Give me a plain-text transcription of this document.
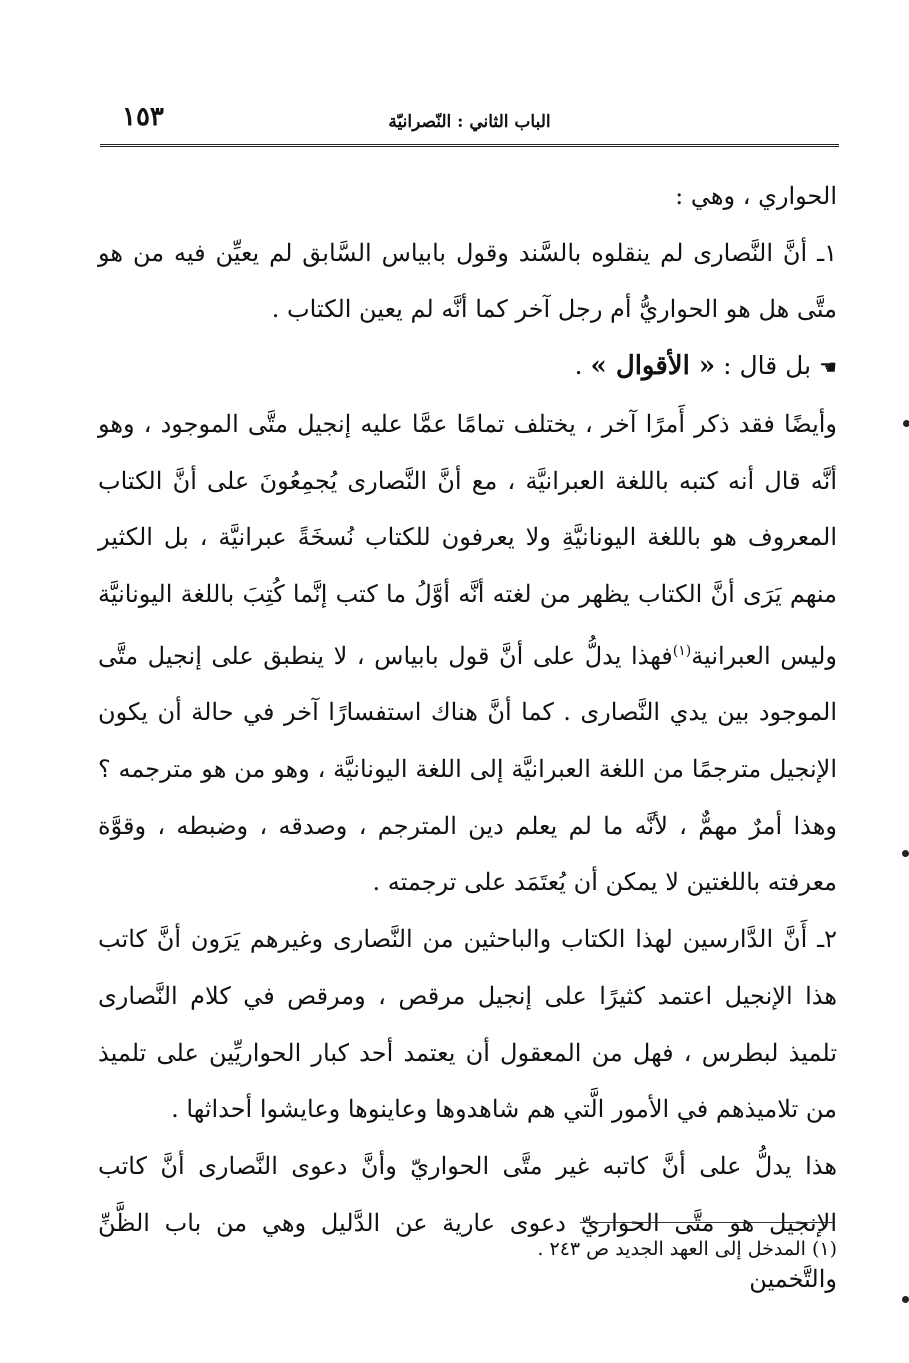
١٥٣	الباب الثاني : النّصرانيّة

الحواري ، وهي :

١ـ أنَّ النَّصارى لم ينقلوه بالسَّند وقول بابياس السَّابق لم يعيِّن فيه من هو متَّى هل هو الحواريُّ أم رجل آخر كما أنَّه لم يعين الكتاب .

☚بل قال : « الأقوال » .

وأيضًا فقد ذكر أَمرًا آخر ، يختلف تمامًا عمَّا عليه إنجيل متَّى الموجود ، وهو أنَّه قال أنه كتبه باللغة العبرانيَّة ، مع أنَّ النَّصارى يُجمِعُونَ على أنَّ الكتاب المعروف هو باللغة اليونانيَّةِ ولا يعرفون للكتاب نُسخَةً عبرانيَّة ، بل الكثير منهم يَرَى أنَّ الكتاب يظهر من لغته أنَّه أوَّلُ ما كتب إنَّما كُتِبَ باللغة اليونانيَّة وليس العبرانية$^{(١)}$فهذا يدلُّ على أنَّ قول بابياس ، لا ينطبق على إنجيل متَّى الموجود بين يدي النَّصارى . كما أنَّ هناك استفسارًا آخر في حالة أن يكون الإنجيل مترجمًا من اللغة العبرانيَّة إلى اللغة اليونانيَّة ، وهو من هو مترجمه ؟ وهذا أمرٌ مهمٌّ ، لأنَّه ما لم يعلم دين المترجم ، وصدقه ، وضبطه ، وقوَّة معرفته باللغتين لا يمكن أن يُعتَمَد على ترجمته .

٢ـ أَنَّ الدَّارسين لهذا الكتاب والباحثين من النَّصارى وغيرهم يَرَون أنَّ كاتب هذا الإنجيل اعتمد كثيرًا على إنجيل مرقص ، ومرقص في كلام النَّصارى تلميذ لبطرس ، فهل من المعقول أن يعتمد أحد كبار الحواريِّين على تلميذ من تلاميذهم في الأمور الَّتي هم شاهدوها وعاينوها وعايشوا أحداثها .

هذا يدلُّ على أنَّ كاتبه غير متَّى الحواريّ وأنَّ دعوى النَّصارى أنَّ كاتب الإنجيل هو متَّى الحواريّ دعوى عارية عن الدَّليل وهي من باب الظَّنِّ والتَّخمين

(١) المدخل إلى العهد الجديد ص ٢٤٣ .
